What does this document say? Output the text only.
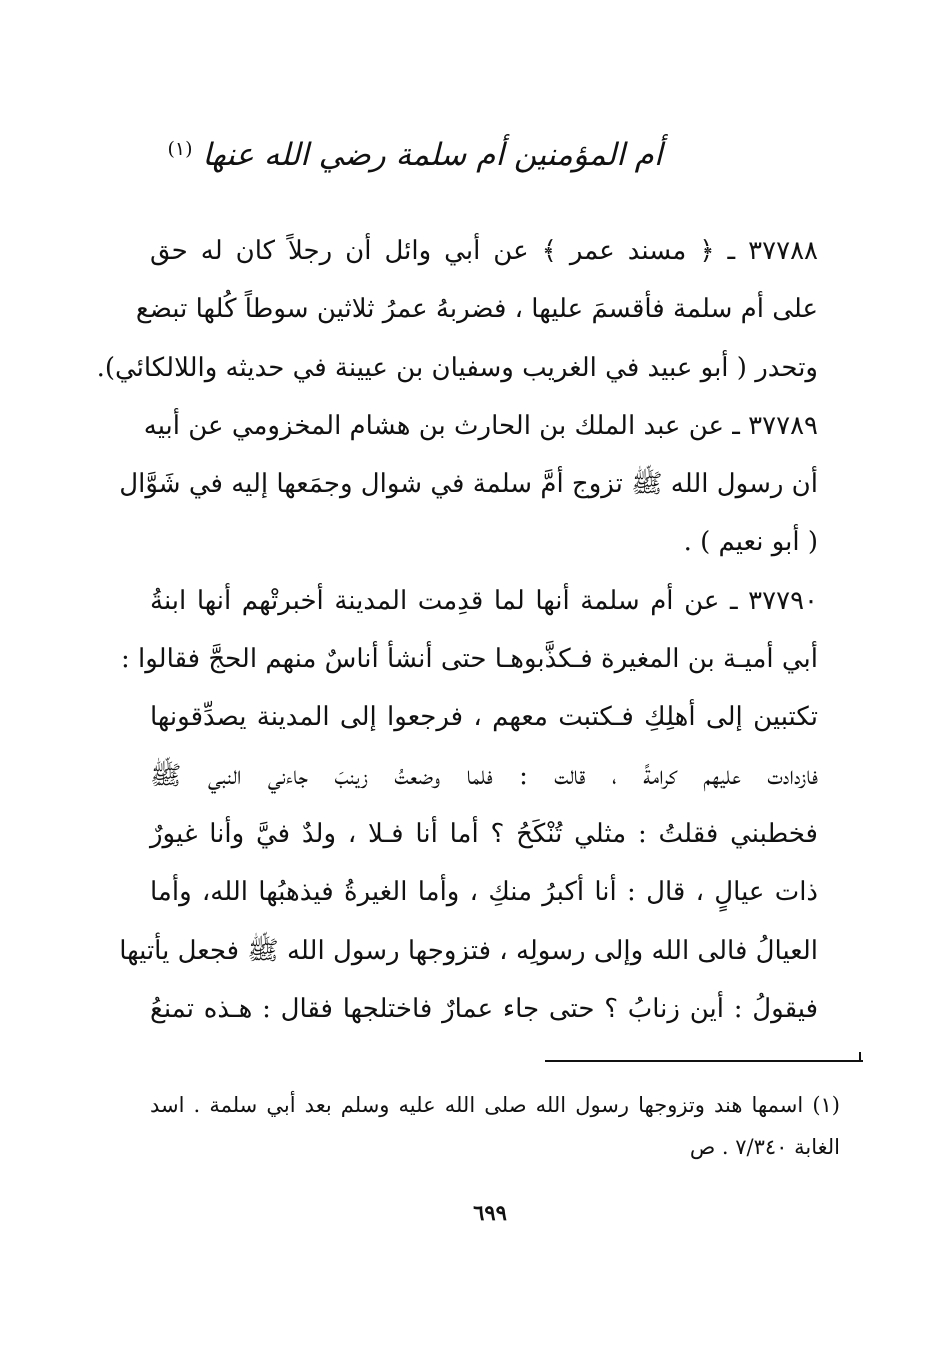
أم المؤمنين أم سلمة رضي الله عنها $^{(١)}$
٣٧٧٨٨ ـ ﴿ مسند عمر ﴾ عن أبي وائل أن رجلاً كان له حق
على أم سلمة فأقسمَ عليها ، فضربهُ عمرُ ثلاثين سوطاً كُلها تبضع
وتحدر ( أبو عبيد في الغريب وسفيان بن عيينة في حديثه واللالكائي).
٣٧٧٨٩ ـ عن عبد الملك بن الحارث بن هشام المخزومي عن أبيه
أن رسول الله ﷺ تزوج أمَّ سلمة في شوال وجمَعها إليه في شَوَّال
( أبو نعيم ) .
٣٧٧٩٠ ـ عن أم سلمة أنها لما قدِمت المدينة أخبرتْهم أنها ابنةُ
أبي أميـة بن المغيرة فـكذَّبوهـا حتى أنشأ أناسٌ منهم الحجَّ فقالوا :
تكتبين إلى أهلِكِ فـكتبت معهم ، فرجعوا إلى المدينة يصدِّقونها
فازدادت عليهم كرامةً ، قالت : فلما وضعتُ زينبَ جاءني النبي ﷺ
فخطبني فقلتُ : مثلي تُنْكَحُ ؟ أما أنا فـلا ، ولدٌ فيَّ وأنا غيورٌ
ذات عيالٍ ، قال : أنا أكبرُ منكِ ، وأما الغيرةُ فيذهبُها الله، وأما
العيالُ فالى الله وإلى رسولِه ، فتزوجها رسول الله ﷺ فجعل يأتيها
فيقولُ : أين زنابُ ؟ حتى جاء عمارٌ فاختلجها فقال : هـذه تمنعُ
(١) اسمها هند وتزوجها رسول الله صلى الله عليه وسلم بعد أبي سلمة . اسد
الغابة ٧/٣٤٠ . ص
٦٩٩
